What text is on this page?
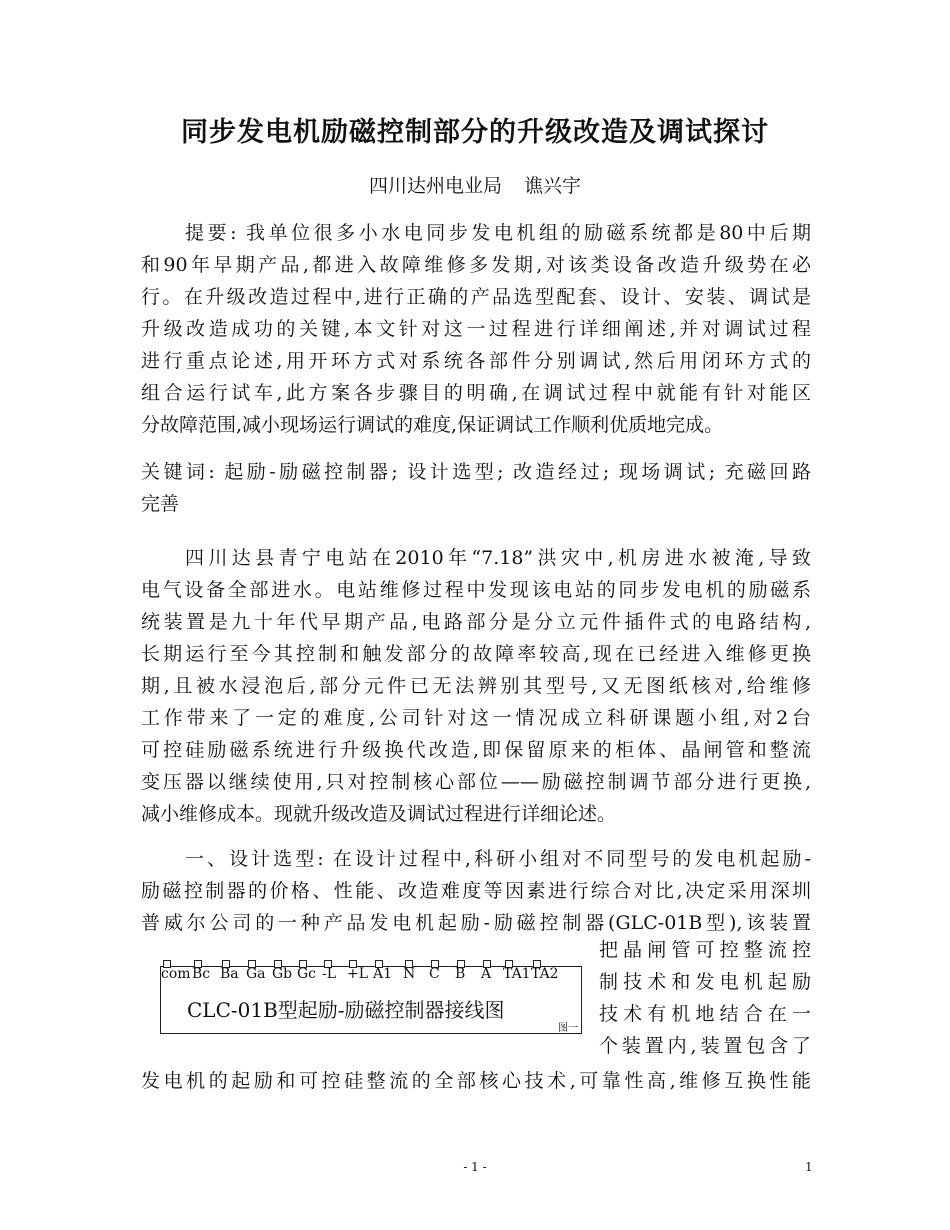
同步发电机励磁控制部分的升级改造及调试探讨
四川达州电业局 谯兴宇
提要: 我单位很多小水电同步发电机组的励磁系统都是80中后期
和90年早期产品,都进入故障维修多发期,对该类设备改造升级势在必
行。在升级改造过程中,进行正确的产品选型配套、设计、安装、调试是
升级改造成功的关键,本文针对这一过程进行详细阐述,并对调试过程
进行重点论述,用开环方式对系统各部件分别调试,然后用闭环方式的
组合运行试车,此方案各步骤目的明确,在调试过程中就能有针对能区
分故障范围,减小现场运行调试的难度,保证调试工作顺利优质地完成。
关键词: 起励-励磁控制器; 设计选型; 改造经过; 现场调试; 充磁回路
完善
四川达县青宁电站在2010年“7.18”洪灾中,机房进水被淹,导致
电气设备全部进水。电站维修过程中发现该电站的同步发电机的励磁系
统装置是九十年代早期产品,电路部分是分立元件插件式的电路结构,
长期运行至今其控制和触发部分的故障率较高,现在已经进入维修更换
期,且被水浸泡后,部分元件已无法辨别其型号,又无图纸核对,给维修
工作带来了一定的难度,公司针对这一情况成立科研课题小组,对2台
可控硅励磁系统进行升级换代改造,即保留原来的柜体、晶闸管和整流
变压器以继续使用,只对控制核心部位——励磁控制调节部分进行更换,
减小维修成本。现就升级改造及调试过程进行详细论述。
一、设计选型: 在设计过程中,科研小组对不同型号的发电机起励-
励磁控制器的价格、性能、改造难度等因素进行综合对比,决定采用深圳
普威尔公司的一种产品发电机起励-励磁控制器(GLC-01B型),该装置
把晶闸管可控整流控
制技术和发电机起励
技术有机地结合在一
个装置内,装置包含了
com Bc Ba Ga Gb Gc -L +L A1 N C B A TA1 TA2
CLC-01B型起励-励磁控制器接线图
图一
发电机的起励和可控硅整流的全部核心技术,可靠性高,维修互换性能
- 1 -	1
